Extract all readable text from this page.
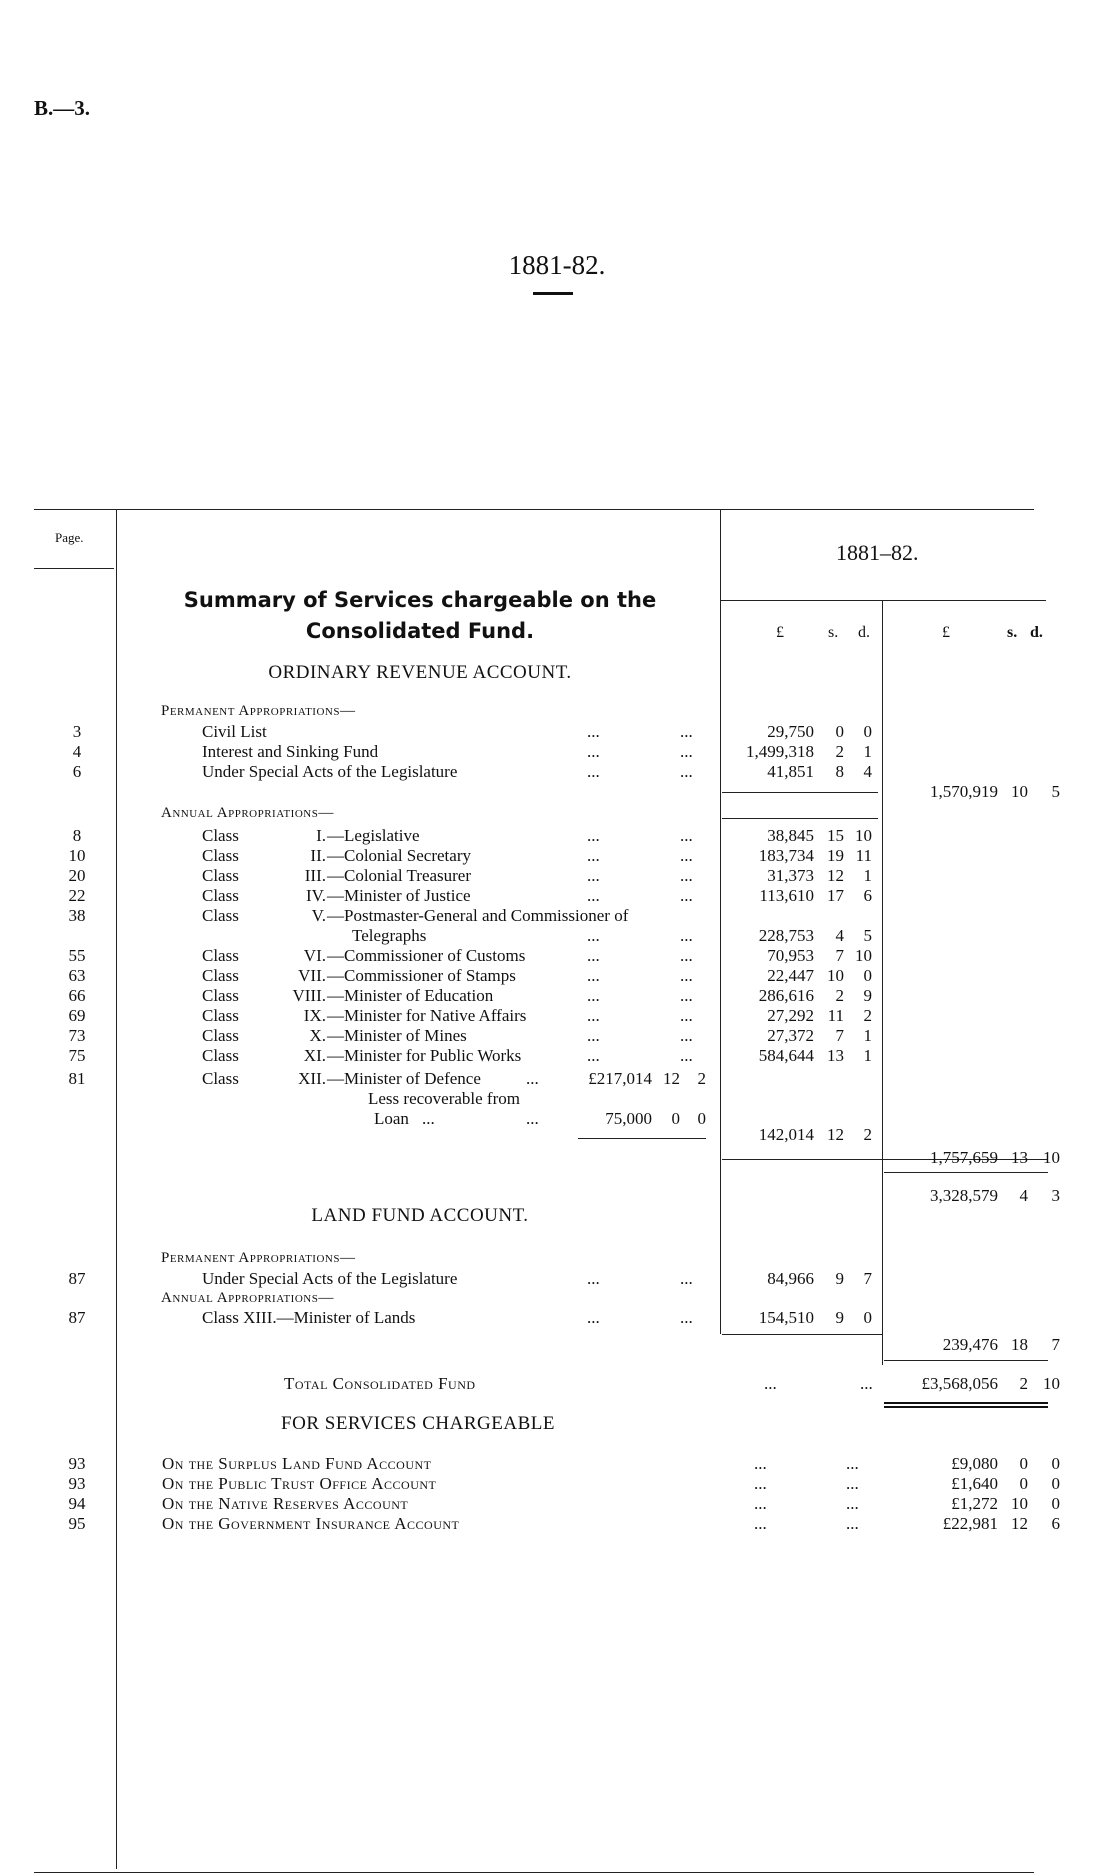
B.—3.
1881-82.
Page.
1881–82.
Summary of Services chargeable on the Consolidated Fund.	£	s. d.	£	s. d.
ORDINARY REVENUE ACCOUNT.
Permanent Appropriations—
3	Civil List	...	...	29,750	0	0
4	Interest and Sinking Fund	...	...	1,499,318	2	1
6	Under Special Acts of the Legislature	...	...	41,851	8	4
1,570,919 10	5
Annual Appropriations—
8	Class	I. —Legislative	...	...	38,845 15 10
10	Class	II. —Colonial Secretary	...	...	183,734 19 11
20	Class	III. —Colonial Treasurer	...	...	31,373 12	1
22	Class	IV. —Minister of Justice	...	...	113,610 17	6
38	Class	V. —Postmaster-General and Commissioner of
Telegraphs	...	...	228,753	4	5
55	Class	VI. —Commissioner of Customs	...	...	70,953	7 10
63	Class	VII. —Commissioner of Stamps	...	...	22,447 10	0
66	Class	VIII. —Minister of Education	...	...	286,616	2	9
69	Class	IX. —Minister for Native Affairs	...	...	27,292 11	2
73	Class	X. —Minister of Mines	...	...	27,372	7	1
75	Class	XI. —Minister for Public Works	...	...	584,644 13	1
81	Class	XII. —Minister of Defence	...	£217,014 12	2
Less recoverable from
Loan ...	...	75,000	0	0
142,014 12	2
1,757,659 13 10
3,328,579	4	3
LAND FUND ACCOUNT.
Permanent Appropriations—
87	Under Special Acts of the Legislature	...	...	84,966	9	7
Annual Appropriations—
87	Class XIII.—Minister of Lands	...	...	154,510	9	0
239,476 18	7
Total Consolidated Fund	...	...	£3,568,056	2 10
FOR SERVICES CHARGEABLE
93	On the Surplus Land Fund Account	...	...	£9,080	0	0
93	On the Public Trust Office Account	...	...	£1,640	0	0
94	On the Native Reserves Account	...	...	£1,272 10	0
95	On the Government Insurance Account	...	...	£22,981 12	6
